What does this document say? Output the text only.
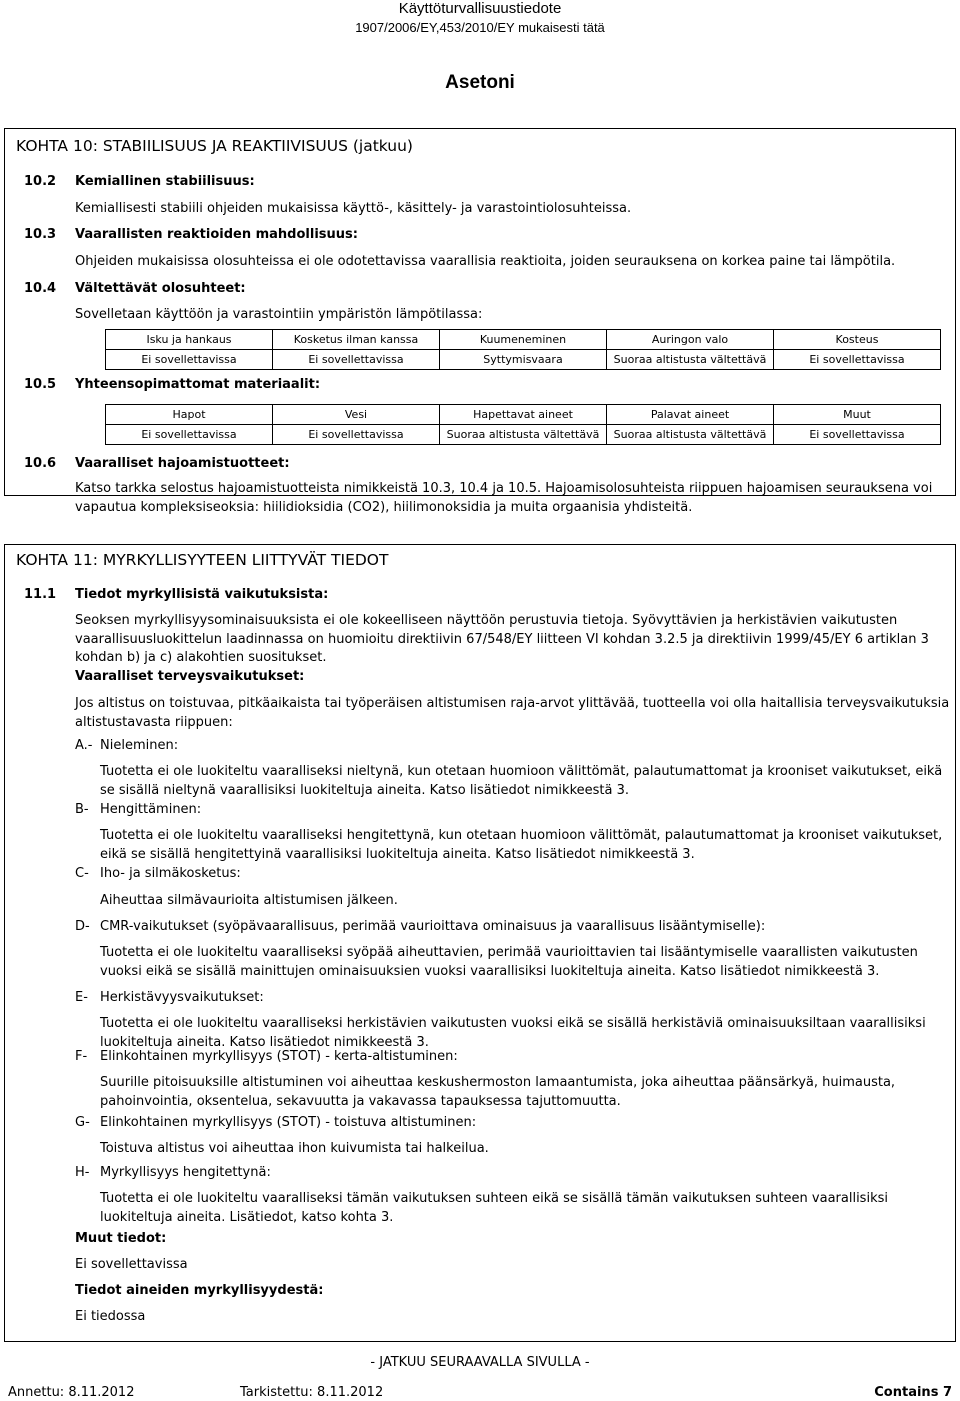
Käyttöturvallisuustiedote
1907/2006/EY,453/2010/EY mukaisesti tätä
Asetoni
KOHTA 10: STABIILISUUS JA REAKTIIVISUUS (jatkuu)
10.2 Kemiallinen stabiilisuus:
Kemiallisesti stabiili ohjeiden mukaisissa käyttö-, käsittely- ja varastointiolosuhteissa.
10.3 Vaarallisten reaktioiden mahdollisuus:
Ohjeiden mukaisissa olosuhteissa ei ole odotettavissa vaarallisia reaktioita, joiden seurauksena on korkea paine tai lämpötila.
10.4 Vältettävät olosuhteet:
Sovelletaan käyttöön ja varastointiin ympäristön lämpötilassa:
Isku ja hankaus	Kosketus ilman kanssa	Kuumeneminen	Auringon valo	Kosteus
Ei sovellettavissa	Ei sovellettavissa	Syttymisvaara	Suoraa altistusta vältettävä	Ei sovellettavissa
10.5 Yhteensopimattomat materiaalit:
Hapot	Vesi	Hapettavat aineet	Palavat aineet	Muut
Ei sovellettavissa	Ei sovellettavissa	Suoraa altistusta vältettävä	Suoraa altistusta vältettävä	Ei sovellettavissa
10.6 Vaaralliset hajoamistuotteet:
Katso tarkka selostus hajoamistuotteista nimikkeistä 10.3, 10.4 ja 10.5. Hajoamisolosuhteista riippuen hajoamisen seurauksena voi vapautua kompleksiseoksia: hiilidioksidia (CO2), hiilimonoksidia ja muita orgaanisia yhdisteitä.
KOHTA 11: MYRKYLLISYYTEEN LIITTYVÄT TIEDOT
11.1 Tiedot myrkyllisistä vaikutuksista:
Seoksen myrkyllisyysominaisuuksista ei ole kokeelliseen näyttöön perustuvia tietoja. Syövyttävien ja herkistävien vaikutusten vaarallisuusluokittelun laadinnassa on huomioitu direktiivin 67/548/EY liitteen VI kohdan 3.2.5 ja direktiivin 1999/45/EY 6 artiklan 3 kohdan b) ja c) alakohtien suositukset.
Vaaralliset terveysvaikutukset:
Jos altistus on toistuvaa, pitkäaikaista tai työperäisen altistumisen raja-arvot ylittävää, tuotteella voi olla haitallisia terveysvaikutuksia altistustavasta riippuen:
A.- Nieleminen:
Tuotetta ei ole luokiteltu vaaralliseksi nieltynä, kun otetaan huomioon välittömät, palautumattomat ja krooniset vaikutukset, eikä se sisällä nieltynä vaarallisiksi luokiteltuja aineita. Katso lisätiedot nimikkeestä 3.
B- Hengittäminen:
Tuotetta ei ole luokiteltu vaaralliseksi hengitettynä, kun otetaan huomioon välittömät, palautumattomat ja krooniset vaikutukset, eikä se sisällä hengitettyinä vaarallisiksi luokiteltuja aineita. Katso lisätiedot nimikkeestä 3.
C- Iho- ja silmäkosketus:
Aiheuttaa silmävaurioita altistumisen jälkeen.
D- CMR-vaikutukset (syöpävaarallisuus, perimää vaurioittava ominaisuus ja vaarallisuus lisääntymiselle):
Tuotetta ei ole luokiteltu vaaralliseksi syöpää aiheuttavien, perimää vaurioittavien tai lisääntymiselle vaarallisten vaikutusten vuoksi eikä se sisällä mainittujen ominaisuuksien vuoksi vaarallisiksi luokiteltuja aineita. Katso lisätiedot nimikkeestä 3.
E- Herkistävyysvaikutukset:
Tuotetta ei ole luokiteltu vaaralliseksi herkistävien vaikutusten vuoksi eikä se sisällä herkistäviä ominaisuuksiltaan vaarallisiksi luokiteltuja aineita. Katso lisätiedot nimikkeestä 3.
F- Elinkohtainen myrkyllisyys (STOT) - kerta-altistuminen:
Suurille pitoisuuksille altistuminen voi aiheuttaa keskushermoston lamaantumista, joka aiheuttaa päänsärkyä, huimausta, pahoinvointia, oksentelua, sekavuutta ja vakavassa tapauksessa tajuttomuutta.
G- Elinkohtainen myrkyllisyys (STOT) - toistuva altistuminen:
Toistuva altistus voi aiheuttaa ihon kuivumista tai halkeilua.
H- Myrkyllisyys hengitettynä:
Tuotetta ei ole luokiteltu vaaralliseksi tämän vaikutuksen suhteen eikä se sisällä tämän vaikutuksen suhteen vaarallisiksi luokiteltuja aineita. Lisätiedot, katso kohta 3.
Muut tiedot:
Ei sovellettavissa
Tiedot aineiden myrkyllisyydestä:
Ei tiedossa
- JATKUU SEURAAVALLA SIVULLA -
Annettu: 8.11.2012	Tarkistettu: 8.11.2012	Contains 7
